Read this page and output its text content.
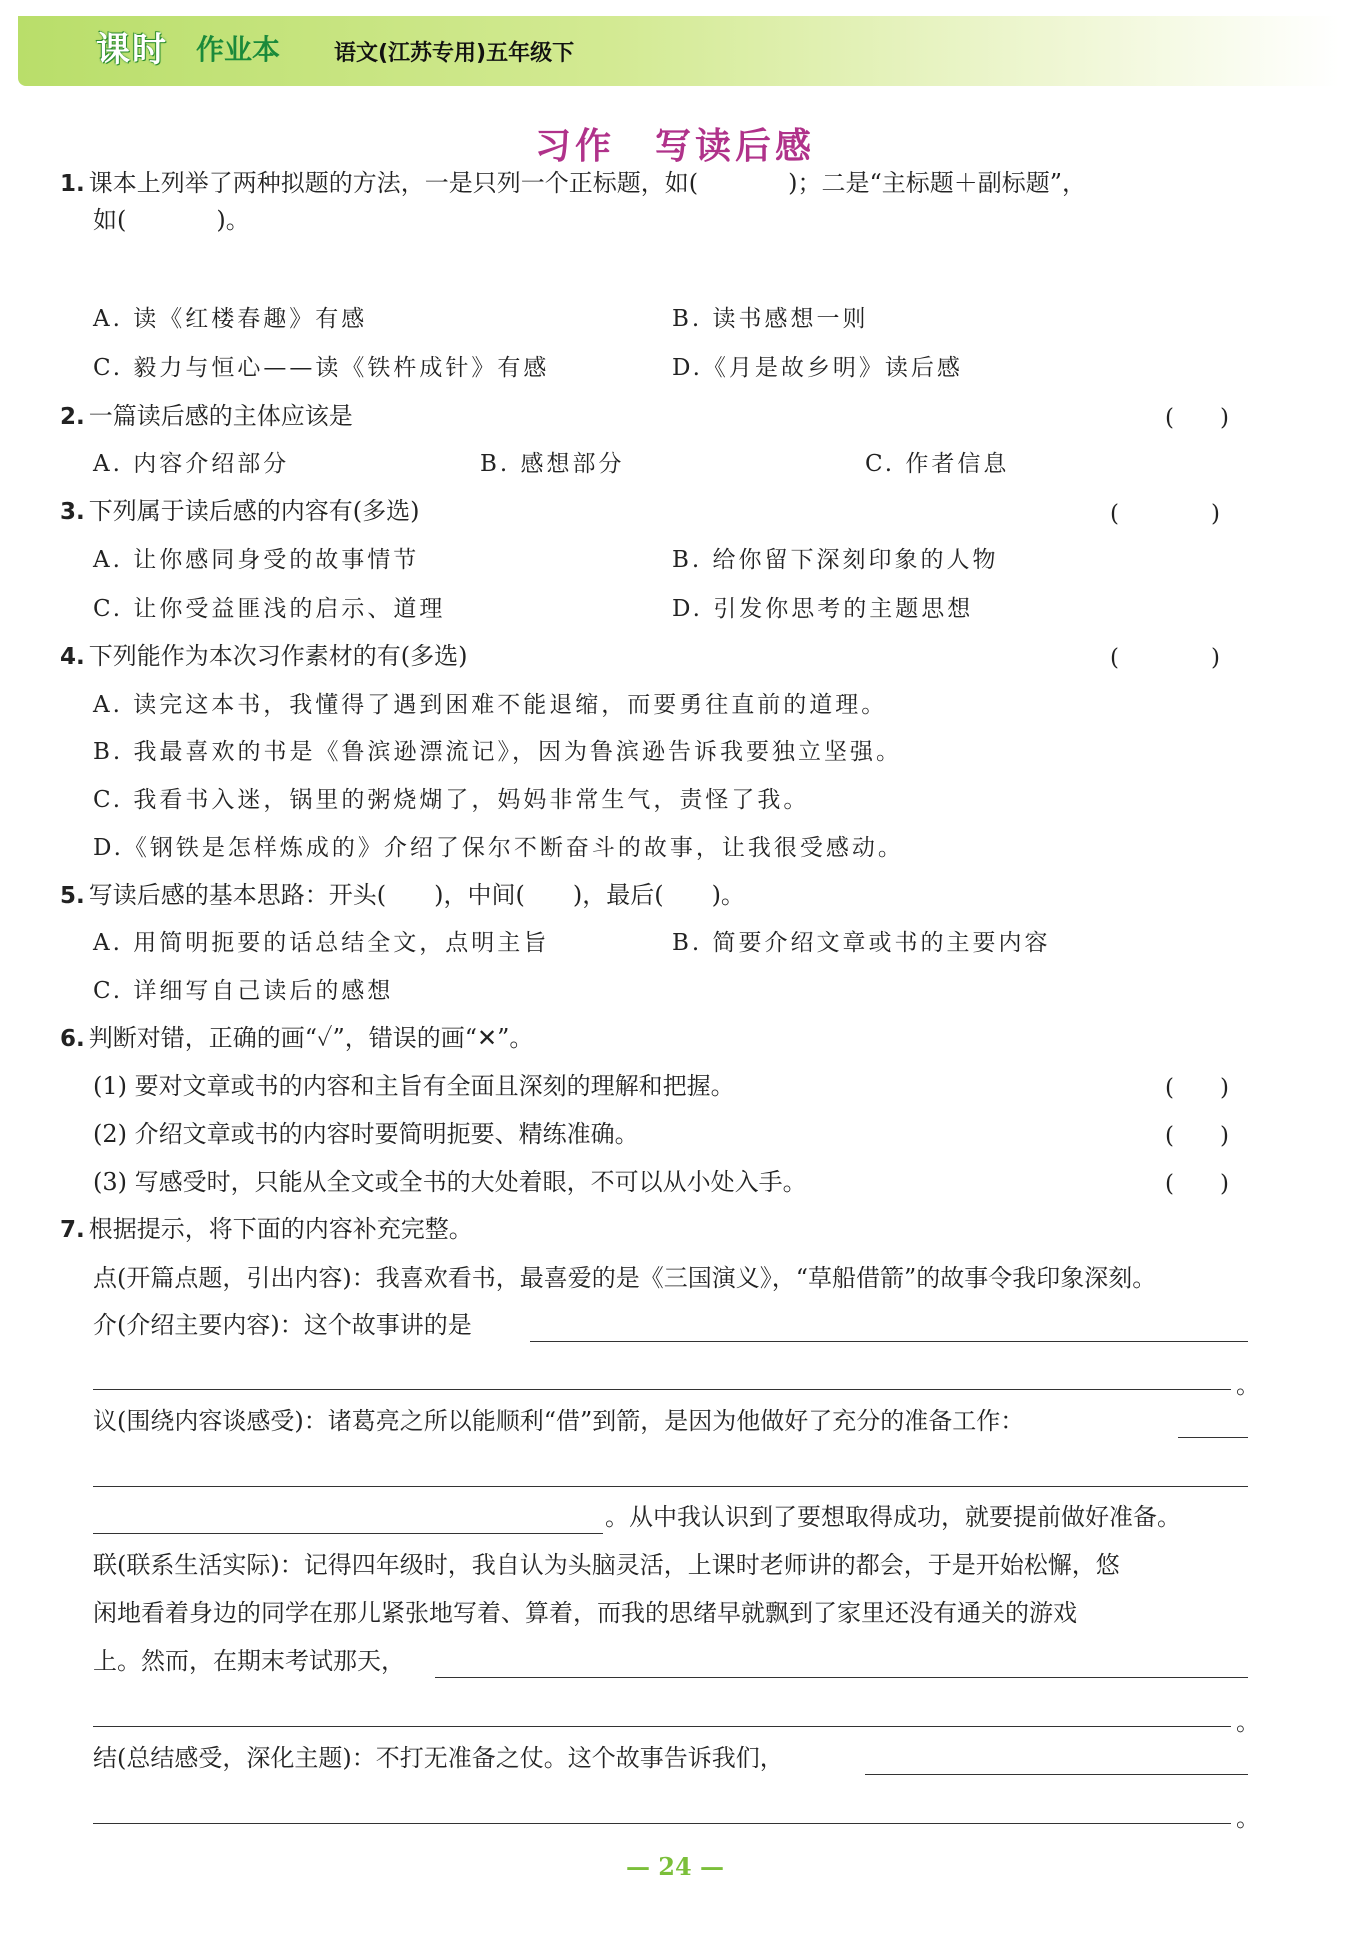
课时 作业本 语文(江苏专用)五年级下
习作　写读后感
1. 课本上列举了两种拟题的方法，一是只列一个正标题，如(	)；二是“主标题＋副标题”，
如(	)。
A. 读《红楼春趣》有感	B. 读书感想一则
C. 毅力与恒心——读《铁杵成针》有感	D.《月是故乡明》读后感
2. 一篇读后感的主体应该是	(　　)
A. 内容介绍部分	B. 感想部分	C. 作者信息
3. 下列属于读后感的内容有(多选)	(　　　　)
A. 让你感同身受的故事情节	B. 给你留下深刻印象的人物
C. 让你受益匪浅的启示、道理	D. 引发你思考的主题思想
4. 下列能作为本次习作素材的有(多选)	(　　　　)
A. 读完这本书，我懂得了遇到困难不能退缩，而要勇往直前的道理。
B. 我最喜欢的书是《鲁滨逊漂流记》，因为鲁滨逊告诉我要独立坚强。
C. 我看书入迷，锅里的粥烧煳了，妈妈非常生气，责怪了我。
D.《钢铁是怎样炼成的》介绍了保尔不断奋斗的故事，让我很受感动。
5. 写读后感的基本思路：开头(　　)，中间(　　)，最后(　　)。
A. 用简明扼要的话总结全文，点明主旨	B. 简要介绍文章或书的主要内容
C. 详细写自己读后的感想
6. 判断对错，正确的画“✓”，错误的画“✕”。
(1) 要对文章或书的内容和主旨有全面且深刻的理解和把握。	(　　)
(2) 介绍文章或书的内容时要简明扼要、精练准确。	(　　)
(3) 写感受时，只能从全文或全书的大处着眼，不可以从小处入手。	(　　)
7. 根据提示，将下面的内容补充完整。
点(开篇点题，引出内容)：我喜欢看书，最喜爱的是《三国演义》，“草船借箭”的故事令我印象深刻。
介(介绍主要内容)：这个故事讲的是
。
议(围绕内容谈感受)：诸葛亮之所以能顺利“借”到箭，是因为他做好了充分的准备工作：
。从中我认识到了要想取得成功，就要提前做好准备。
联(联系生活实际)：记得四年级时，我自认为头脑灵活，上课时老师讲的都会，于是开始松懈，悠
闲地看着身边的同学在那儿紧张地写着、算着，而我的思绪早就飘到了家里还没有通关的游戏
上。然而，在期末考试那天，
。
结(总结感受，深化主题)：不打无准备之仗。这个故事告诉我们，
。
— 24 —
